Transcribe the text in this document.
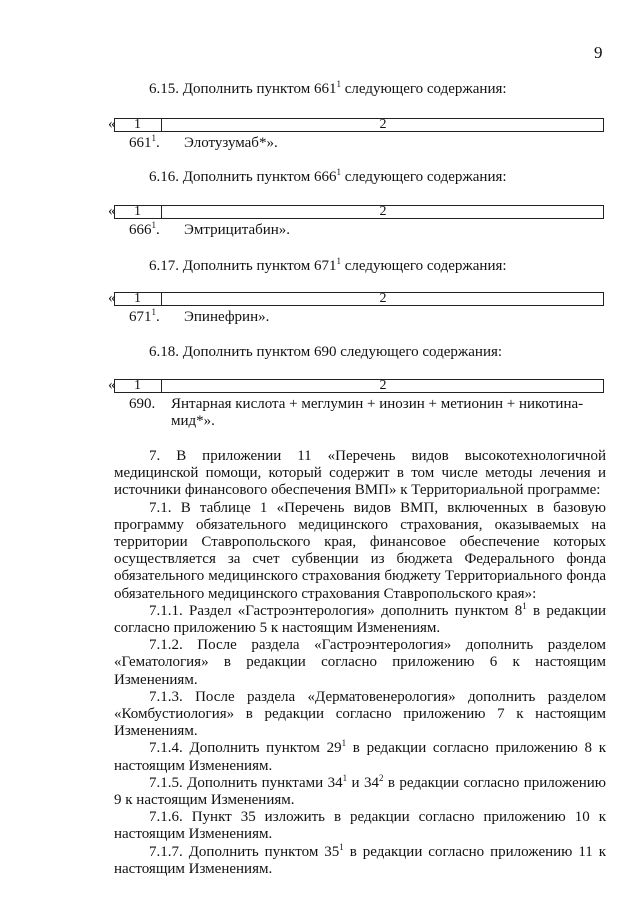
9
6.15. Дополнить пунктом $661^1$ следующего содержания:
«	1	2
$661^1$. Элотузумаб*».
6.16. Дополнить пунктом $666^1$ следующего содержания:
«	1	2
$666^1$. Эмтрицитабин».
6.17. Дополнить пунктом $671^1$ следующего содержания:
«	1	2
$671^1$. Эпинефрин».
6.18. Дополнить пунктом 690 следующего содержания:
«	1	2
690. Янтарная кислота + меглумин + инозин + метионин + никотина-
мид*».

7. В приложении 11 «Перечень видов высокотехнологичной медицинской помощи, который содержит в том числе методы лечения и источники финансового обеспечения ВМП» к Территориальной программе:

7.1. В таблице 1 «Перечень видов ВМП, включенных в базовую программу обязательного медицинского страхования, оказываемых на территории Ставропольского края, финансовое обеспечение которых осуществляется за счет субвенции из бюджета Федерального фонда обязательного медицинского страхования бюджету Территориального фонда обязательного медицинского страхования Ставропольского края»:

7.1.1. Раздел «Гастроэнтерология» дополнить пунктом $8^1$ в редакции согласно приложению 5 к настоящим Изменениям.

7.1.2. После раздела «Гастроэнтерология» дополнить разделом «Гематология» в редакции согласно приложению 6 к настоящим Изменениям.

7.1.3. После раздела «Дерматовенерология» дополнить разделом «Комбустиология» в редакции согласно приложению 7 к настоящим Изменениям.

7.1.4. Дополнить пунктом $29^1$ в редакции согласно приложению 8 к настоящим Изменениям.

7.1.5. Дополнить пунктами $34^1$ и $34^2$ в редакции согласно приложению 9 к настоящим Изменениям.

7.1.6. Пункт 35 изложить в редакции согласно приложению 10 к настоящим Изменениям.

7.1.7. Дополнить пунктом $35^1$ в редакции согласно приложению 11 к настоящим Изменениям.
